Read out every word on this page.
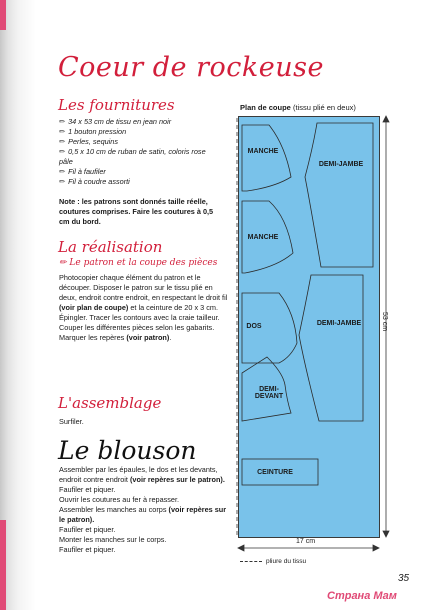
Coeur de rockeuse
Les fournitures
✏ 34 x 53 cm de tissu en jean noir
✏ 1 bouton pression
✏ Perles, sequins
✏ 0,5 x 10 cm de ruban de satin, coloris rose pâle
✏ Fil à faufiler
✏ Fil à coudre assorti
Note : les patrons sont donnés taille réelle, coutures comprises. Faire les coutures à 0,5 cm du bord.
La réalisation
✏ Le patron et la coupe des pièces
Photocopier chaque élément du patron et le découper. Disposer le patron sur le tissu plié en deux, endroit contre endroit, en respectant le droit fil (voir plan de coupe) et la ceinture de 20 x 3 cm. Épingler. Tracer les contours avec la craie tailleur. Couper les différentes pièces selon les gabarits. Marquer les repères (voir patron).
L'assemblage
Surfiler.
Le blouson
Assembler par les épaules, le dos et les devants, endroit contre endroit (voir repères sur le patron).
Faufiler et piquer.
Ouvrir les coutures au fer à repasser.
Assembler les manches au corps (voir repères sur le patron).
Faufiler et piquer.
Monter les manches sur le corps.
Faufiler et piquer.
Plan de coupe (tissu plié en deux)
MANCHE
DEMI-JAMBE
MANCHE
DOS	DEMI-JAMBE
DEMI-DEVANT
CEINTURE
53 cm
17 cm
pliure du tissu
35
Страна Мам
